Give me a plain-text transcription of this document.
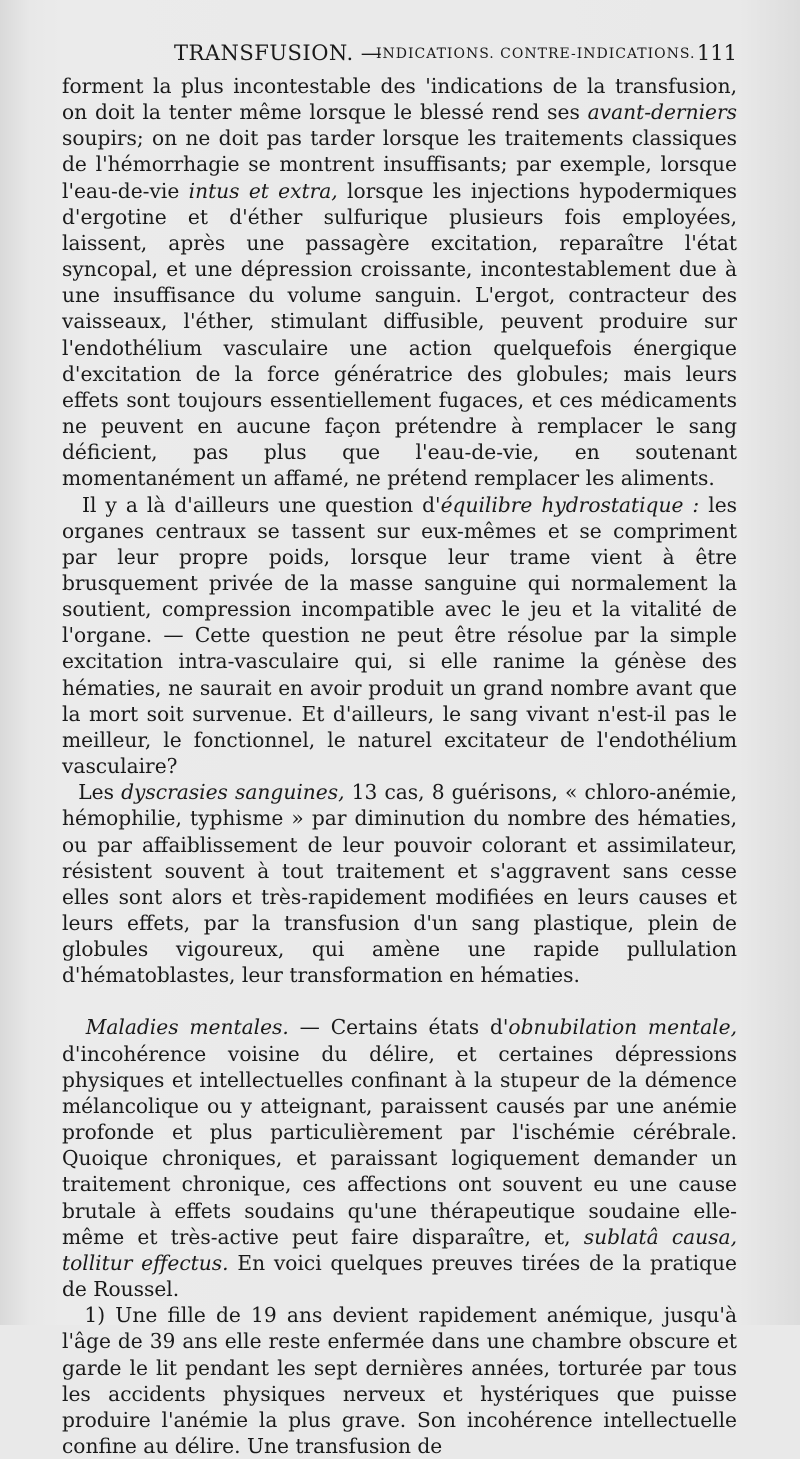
TRANSFUSION. —
INDICATIONS. CONTRE-INDICATIONS. 111

forment la plus incontestable des 'indications de la transfusion, on doit la tenter même lorsque le blessé rend ses avant-derniers soupirs; on ne doit pas tarder lorsque les traitements classiques de l'hémorrhagie se montrent insuffisants; par exemple, lorsque l'eau-de-vie intus et extra, lorsque les injections hypodermiques d'ergotine et d'éther sulfurique plusieurs fois employées, laissent, après une passagère excitation, reparaître l'état syncopal, et une dépression croissante, incontestablement due à une insuffisance du volume sanguin. L'ergot, contracteur des vaisseaux, l'éther, stimulant diffusible, peuvent produire sur l'endothélium vasculaire une action quelquefois énergique d'excitation de la force génératrice des globules; mais leurs effets sont toujours essentiellement fugaces, et ces médicaments ne peuvent en aucune façon prétendre à remplacer le sang déficient, pas plus que l'eau-de-vie, en soutenant momentanément un affamé, ne prétend remplacer les aliments.

Il y a là d'ailleurs une question d'équilibre hydrostatique : les organes centraux se tassent sur eux-mêmes et se compriment par leur propre poids, lorsque leur trame vient à être brusquement privée de la masse sanguine qui normalement la soutient, compression incompatible avec le jeu et la vitalité de l'organe. — Cette question ne peut être résolue par la simple excitation intra-vasculaire qui, si elle ranime la génèse des hématies, ne saurait en avoir produit un grand nombre avant que la mort soit survenue. Et d'ailleurs, le sang vivant n'est-il pas le meilleur, le fonctionnel, le naturel excitateur de l'endothélium vasculaire?

Les dyscrasies sanguines, 13 cas, 8 guérisons, « chloro-anémie, hémophilie, typhisme » par diminution du nombre des hématies, ou par affaiblissement de leur pouvoir colorant et assimilateur, résistent souvent à tout traitement et s'aggravent sans cesse elles sont alors et très-rapidement modifiées en leurs causes et leurs effets, par la transfusion d'un sang plastique, plein de globules vigoureux, qui amène une rapide pullulation d'hématoblastes, leur transformation en hématies.

Maladies mentales. — Certains états d'obnubilation mentale, d'incohérence voisine du délire, et certaines dépressions physiques et intellectuelles confinant à la stupeur de la démence mélancolique ou y atteignant, paraissent causés par une anémie profonde et plus particulièrement par l'ischémie cérébrale. Quoique chroniques, et paraissant logiquement demander un traitement chronique, ces affections ont souvent eu une cause brutale à effets soudains qu'une thérapeutique soudaine elle-même et très-active peut faire disparaître, et, sublatâ causa, tollitur effectus. En voici quelques preuves tirées de la pratique de Roussel.

1) Une fille de 19 ans devient rapidement anémique, jusqu'à l'âge de 39 ans elle reste enfermée dans une chambre obscure et garde le lit pendant les sept dernières années, torturée par tous les accidents physiques nerveux et hystériques que puisse produire l'anémie la plus grave. Son incohérence intellectuelle confine au délire. Une transfusion de
